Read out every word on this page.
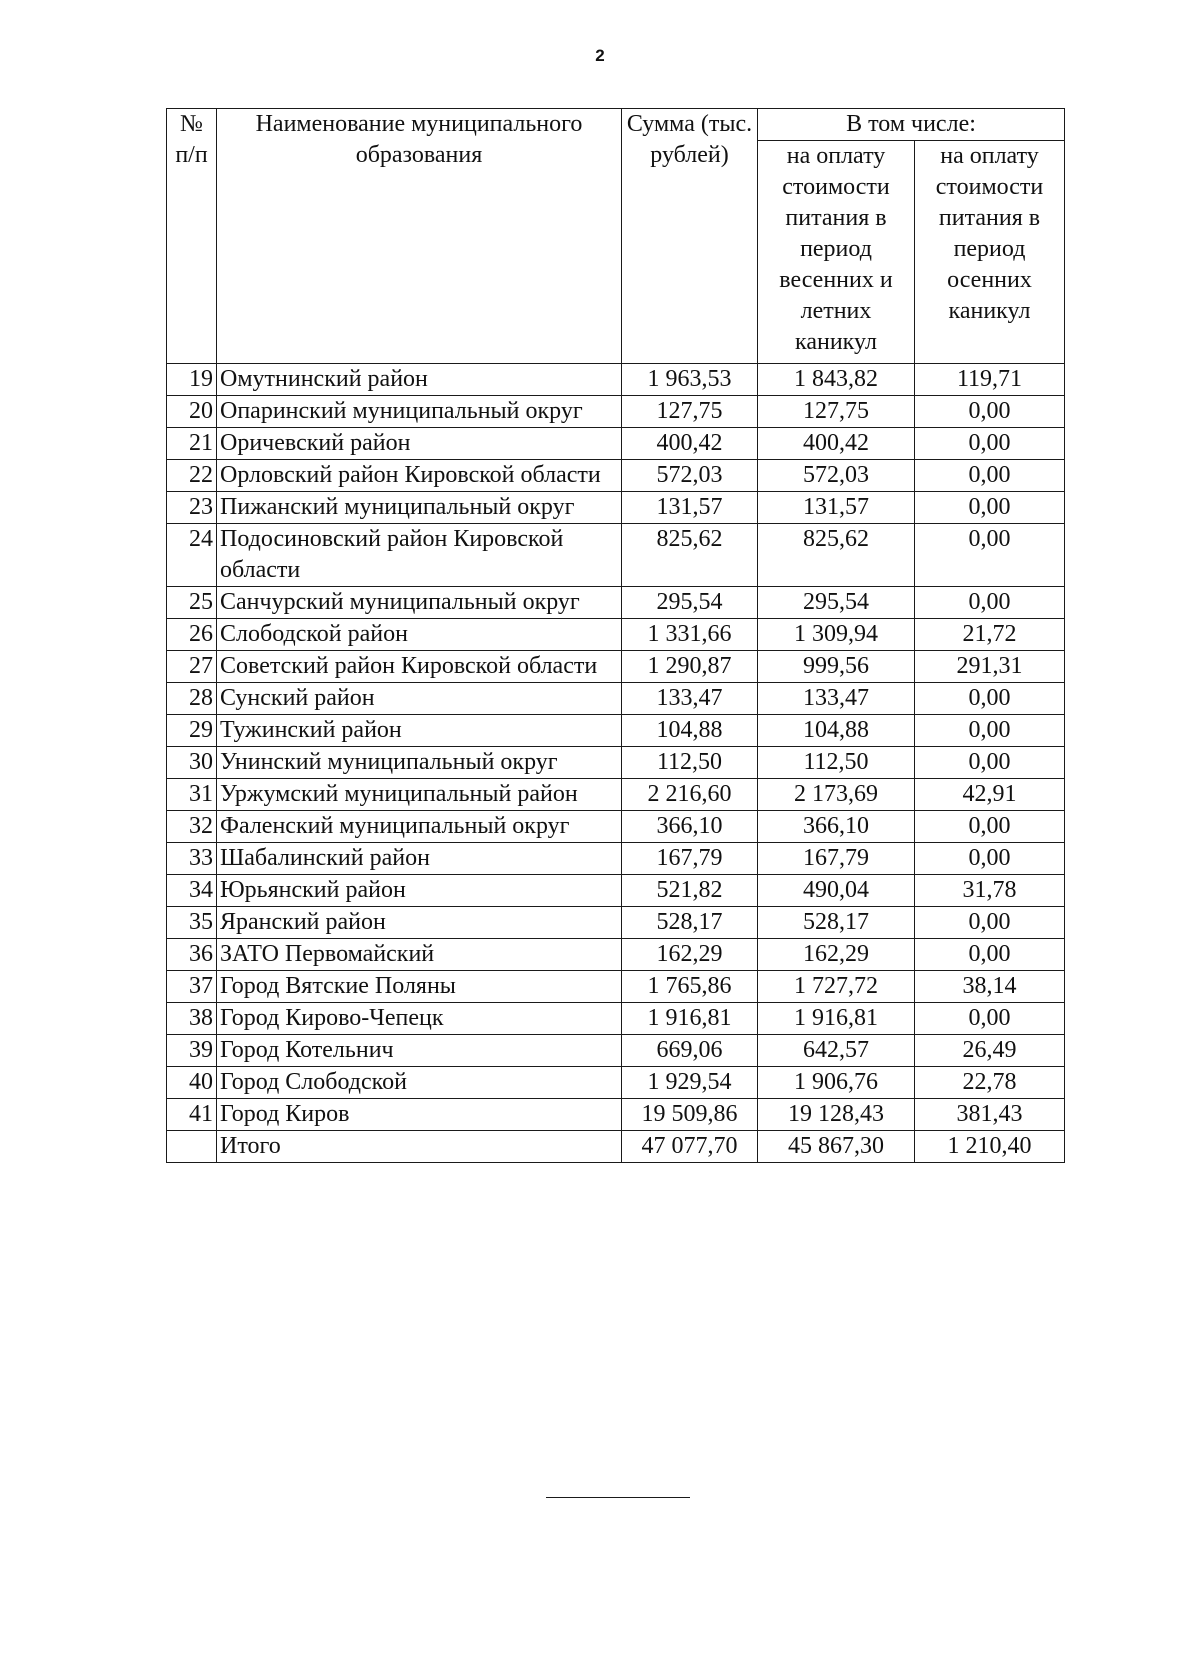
2
№ п/п	Наименование муниципального образования	Сумма (тыс. рублей)	В том числе:	
			на оплату стоимости питания в период весенних и летних каникул	на оплату стоимости питания в период осенних каникул
19	Омутнинский район	1 963,53	1 843,82	119,71
20	Опаринский муниципальный округ	127,75	127,75	0,00
21	Оричевский район	400,42	400,42	0,00
22	Орловский район Кировской области	572,03	572,03	0,00
23	Пижанский муниципальный округ	131,57	131,57	0,00
24	Подосиновский район Кировской области	825,62	825,62	0,00
25	Санчурский муниципальный округ	295,54	295,54	0,00
26	Слободской район	1 331,66	1 309,94	21,72
27	Советский район Кировской области	1 290,87	999,56	291,31
28	Сунский район	133,47	133,47	0,00
29	Тужинский район	104,88	104,88	0,00
30	Унинский муниципальный округ	112,50	112,50	0,00
31	Уржумский муниципальный район	2 216,60	2 173,69	42,91
32	Фаленский муниципальный округ	366,10	366,10	0,00
33	Шабалинский район	167,79	167,79	0,00
34	Юрьянский район	521,82	490,04	31,78
35	Яранский район	528,17	528,17	0,00
36	ЗАТО Первомайский	162,29	162,29	0,00
37	Город Вятские Поляны	1 765,86	1 727,72	38,14
38	Город Кирово-Чепецк	1 916,81	1 916,81	0,00
39	Город Котельнич	669,06	642,57	26,49
40	Город Слободской	1 929,54	1 906,76	22,78
41	Город Киров	19 509,86	19 128,43	381,43
	Итого	47 077,70	45 867,30	1 210,40
